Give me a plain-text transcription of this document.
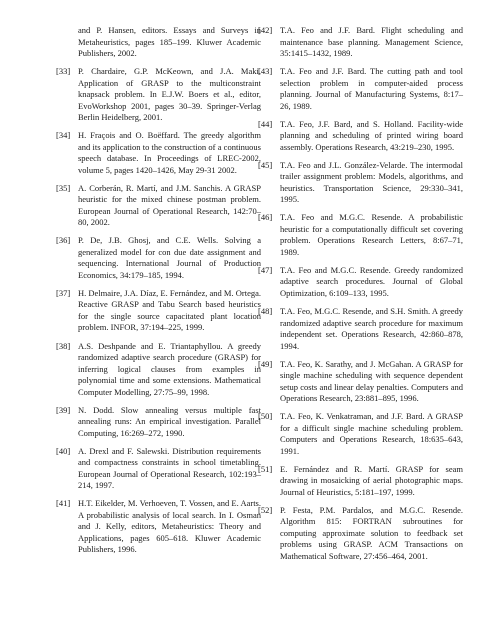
and P. Hansen, editors. Essays and Surveys in Metaheuristics, pages 185–199. Kluwer Academic Publishers, 2002.
[33] P. Chardaire, G.P. McKeown, and J.A. Maki. Application of GRASP to the multiconstraint knapsack problem. In E.J.W. Boers et al., editor, EvoWorkshop 2001, pages 30–39. Springer-Verlag Berlin Heidelberg, 2001.
[34] H. Fraçois and O. Boëffard. The greedy algorithm and its application to the construction of a continuous speech database. In Proceedings of LREC-2002, volume 5, pages 1420–1426, May 29-31 2002.
[35] A. Corberán, R. Martí, and J.M. Sanchis. A GRASP heuristic for the mixed chinese postman problem. European Journal of Operational Research, 142:70–80, 2002.
[36] P. De, J.B. Ghosj, and C.E. Wells. Solving a generalized model for con due date assignment and sequencing. International Journal of Production Economics, 34:179–185, 1994.
[37] H. Delmaire, J.A. Díaz, E. Fernández, and M. Ortega. Reactive GRASP and Tabu Search based heuristics for the single source capacitated plant location problem. INFOR, 37:194–225, 1999.
[38] A.S. Deshpande and E. Triantaphyllou. A greedy randomized adaptive search procedure (GRASP) for inferring logical clauses from examples in polynomial time and some extensions. Mathematical Computer Modelling, 27:75–99, 1998.
[39] N. Dodd. Slow annealing versus multiple fast annealing runs: An empirical investigation. Parallel Computing, 16:269–272, 1990.
[40] A. Drexl and F. Salewski. Distribution requirements and compactness constraints in school timetabling. European Journal of Operational Research, 102:193–214, 1997.
[41] H.T. Eikelder, M. Verhoeven, T. Vossen, and E. Aarts. A probabilistic analysis of local search. In I. Osman and J. Kelly, editors, Metaheuristics: Theory and Applications, pages 605–618. Kluwer Academic Publishers, 1996.
[42] T.A. Feo and J.F. Bard. Flight scheduling and maintenance base planning. Management Science, 35:1415–1432, 1989.
[43] T.A. Feo and J.F. Bard. The cutting path and tool selection problem in computer-aided process planning. Journal of Manufacturing Systems, 8:17–26, 1989.
[44] T.A. Feo, J.F. Bard, and S. Holland. Facility-wide planning and scheduling of printed wiring board assembly. Operations Research, 43:219–230, 1995.
[45] T.A. Feo and J.L. González-Velarde. The intermodal trailer assignment problem: Models, algorithms, and heuristics. Transportation Science, 29:330–341, 1995.
[46] T.A. Feo and M.G.C. Resende. A probabilistic heuristic for a computationally difficult set covering problem. Operations Research Letters, 8:67–71, 1989.
[47] T.A. Feo and M.G.C. Resende. Greedy randomized adaptive search procedures. Journal of Global Optimization, 6:109–133, 1995.
[48] T.A. Feo, M.G.C. Resende, and S.H. Smith. A greedy randomized adaptive search procedure for maximum independent set. Operations Research, 42:860–878, 1994.
[49] T.A. Feo, K. Sarathy, and J. McGahan. A GRASP for single machine scheduling with sequence dependent setup costs and linear delay penalties. Computers and Operations Research, 23:881–895, 1996.
[50] T.A. Feo, K. Venkatraman, and J.F. Bard. A GRASP for a difficult single machine scheduling problem. Computers and Operations Research, 18:635–643, 1991.
[51] E. Fernández and R. Martí. GRASP for seam drawing in mosaicking of aerial photographic maps. Journal of Heuristics, 5:181–197, 1999.
[52] P. Festa, P.M. Pardalos, and M.G.C. Resende. Algorithm 815: FORTRAN subroutines for computing approximate solution to feedback set problems using GRASP. ACM Transactions on Mathematical Software, 27:456–464, 2001.
